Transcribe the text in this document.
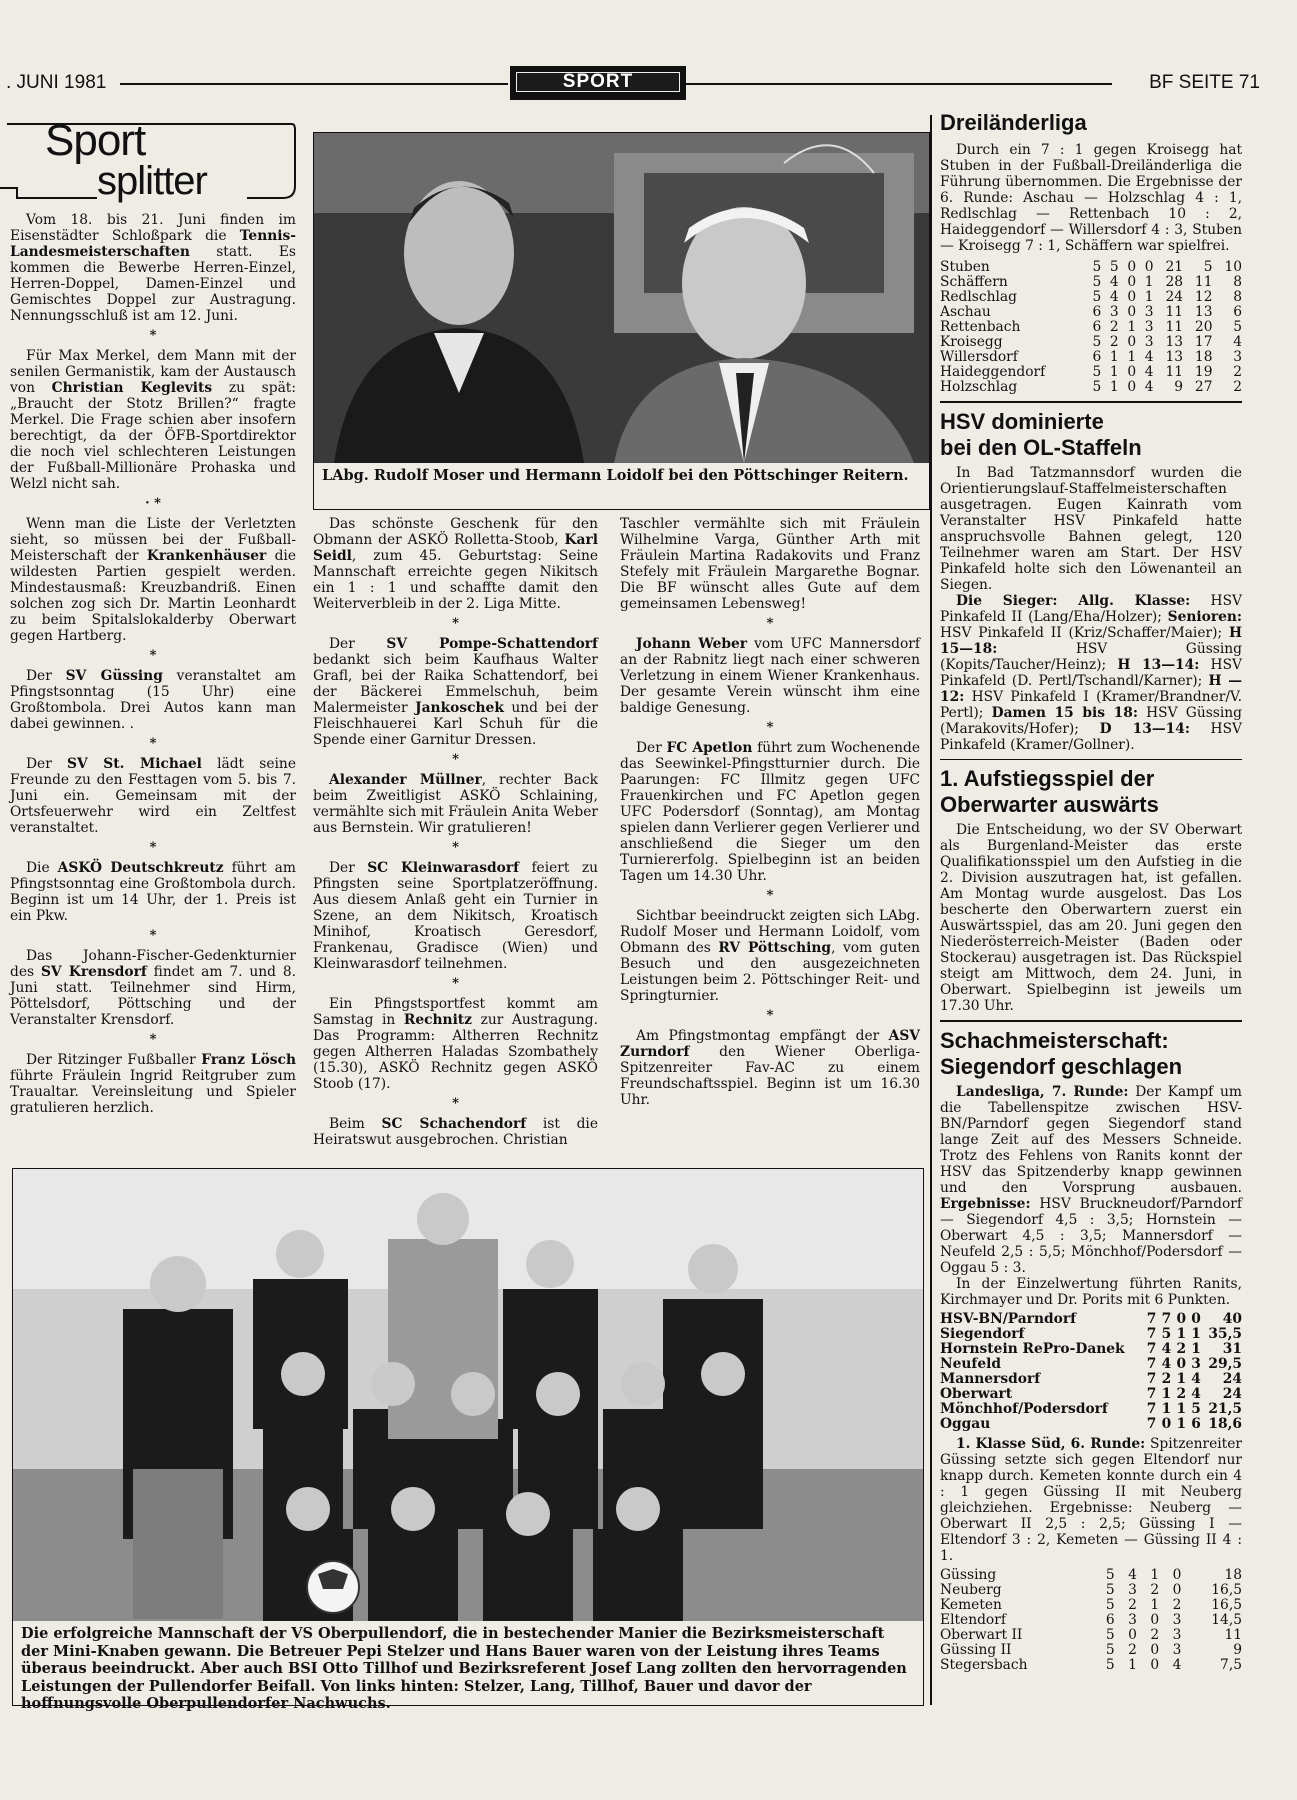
. JUNI 1981	SPORT	BF SEITE 71
Sport
splitter

Vom 18. bis 21. Juni finden im Eisenstädter Schloßpark die Tennis-Landesmeisterschaften statt. Es kommen die Bewerbe Herren-Einzel, Herren-Doppel, Damen-Einzel und Gemischtes Doppel zur Austragung. Nennungsschluß ist am 12. Juni.

*

Für Max Merkel, dem Mann mit der senilen Germanistik, kam der Austausch von Christian Keglevits zu spät: „Braucht der Stotz Brillen?“ fragte Merkel. Die Frage schien aber insofern berechtigt, da der ÖFB-Sportdirektor die noch viel schlechteren Leistungen der Fußball-Millionäre Prohaska und Welzl nicht sah.

· *

Wenn man die Liste der Verletzten sieht, so müssen bei der Fußball-Meisterschaft der Krankenhäuser die wildesten Partien gespielt werden. Mindestausmaß: Kreuzbandriß. Einen solchen zog sich Dr. Martin Leonhardt zu beim Spitalslokalderby Oberwart gegen Hartberg.

*

Der SV Güssing veranstaltet am Pfingstsonntag (15 Uhr) eine Großtombola. Drei Autos kann man dabei gewinnen. .

*

Der SV St. Michael lädt seine Freunde zu den Festtagen vom 5. bis 7. Juni ein. Gemeinsam mit der Ortsfeuerwehr wird ein Zeltfest veranstaltet.

*

Die ASKÖ Deutschkreutz führt am Pfingstsonntag eine Großtombola durch. Beginn ist um 14 Uhr, der 1. Preis ist ein Pkw.

*

Das Johann-Fischer-Gedenkturnier des SV Krensdorf findet am 7. und 8. Juni statt. Teilnehmer sind Hirm, Pöttelsdorf, Pöttsching und der Veranstalter Krensdorf.

*

Der Ritzinger Fußballer Franz Lösch führte Fräulein Ingrid Reitgruber zum Traualtar. Vereinsleitung und Spieler gratulieren herzlich.

LAbg. Rudolf Moser und Hermann Loidolf bei den Pöttschinger Reitern.

Das schönste Geschenk für den Obmann der ASKÖ Rolletta-Stoob, Karl Seidl, zum 45. Geburtstag: Seine Mannschaft erreichte gegen Nikitsch ein 1 : 1 und schaffte damit den Weiterverbleib in der 2. Liga Mitte.

*

Der SV Pompe-Schattendorf bedankt sich beim Kaufhaus Walter Grafl, bei der Raika Schattendorf, bei der Bäckerei Emmelschuh, beim Malermeister Jankoschek und bei der Fleischhauerei Karl Schuh für die Spende einer Garnitur Dressen.

*

Alexander Müllner, rechter Back beim Zweitligist ASKÖ Schlaining, vermählte sich mit Fräulein Anita Weber aus Bernstein. Wir gratulieren!

*

Der SC Kleinwarasdorf feiert zu Pfingsten seine Sportplatzeröffnung. Aus diesem Anlaß geht ein Turnier in Szene, an dem Nikitsch, Kroatisch Minihof, Kroatisch Geresdorf, Frankenau, Gradisce (Wien) und Kleinwarasdorf teilnehmen.

*

Ein Pfingstsportfest kommt am Samstag in Rechnitz zur Austragung. Das Programm: Altherren Rechnitz gegen Altherren Haladas Szombathely (15.30), ASKÖ Rechnitz gegen ASKÖ Stoob (17).

*

Beim SC Schachendorf ist die Heiratswut ausgebrochen. Christian

Taschler vermählte sich mit Fräulein Wilhelmine Varga, Günther Arth mit Fräulein Martina Radakovits und Franz Stefely mit Fräulein Margarethe Bognar. Die BF wünscht alles Gute auf dem gemeinsamen Lebensweg!

*

Johann Weber vom UFC Mannersdorf an der Rabnitz liegt nach einer schweren Verletzung in einem Wiener Krankenhaus. Der gesamte Verein wünscht ihm eine baldige Genesung.

*

Der FC Apetlon führt zum Wochenende das Seewinkel-Pfingstturnier durch. Die Paarungen: FC Illmitz gegen UFC Frauenkirchen und FC Apetlon gegen UFC Podersdorf (Sonntag), am Montag spielen dann Verlierer gegen Verlierer und anschließend die Sieger um den Turniererfolg. Spielbeginn ist an beiden Tagen um 14.30 Uhr.

*

Sichtbar beeindruckt zeigten sich LAbg. Rudolf Moser und Hermann Loidolf, vom Obmann des RV Pöttsching, vom guten Besuch und den ausgezeichneten Leistungen beim 2. Pöttschinger Reit- und Springturnier.

*

Am Pfingstmontag empfängt der ASV Zurndorf den Wiener Oberliga-Spitzenreiter Fav-AC zu einem Freundschaftsspiel. Beginn ist um 16.30 Uhr.

Die erfolgreiche Mannschaft der VS Oberpullendorf, die in bestechender Manier die Bezirksmeisterschaft der Mini-Knaben gewann. Die Betreuer Pepi Stelzer und Hans Bauer waren von der Leistung ihres Teams überaus beeindruckt. Aber auch BSI Otto Tillhof und Bezirksreferent Josef Lang zollten den hervorragenden Leistungen der Pullendorfer Beifall. Von links hinten: Stelzer, Lang, Tillhof, Bauer und davor der hoffnungsvolle Oberpullendorfer Nachwuchs.
Dreiländerliga

Durch ein 7 : 1 gegen Kroisegg hat Stuben in der Fußball-Dreiländerliga die Führung übernommen. Die Ergebnisse der 6. Runde: Aschau — Holzschlag 4 : 1, Redlschlag — Rettenbach 10 : 2, Haideggendorf — Willersdorf 4 : 3, Stuben — Kroisegg 7 : 1, Schäffern war spielfrei.

Stuben	5	5	0	0	21	5	10
Schäffern	5	4	0	1	28	11	8
Redlschlag	5	4	0	1	24	12	8
Aschau	6	3	0	3	11	13	6
Rettenbach	6	2	1	3	11	20	5
Kroisegg	5	2	0	3	13	17	4
Willersdorf	6	1	1	4	13	18	3
Haideggendorf	5	1	0	4	11	19	2
Holzschlag	5	1	0	4	9	27	2
HSV dominierte
bei den OL-Staffeln

In Bad Tatzmannsdorf wurden die Orientierungslauf-Staffelmeisterschaften ausgetragen. Eugen Kainrath vom Veranstalter HSV Pinkafeld hatte anspruchsvolle Bahnen gelegt, 120 Teilnehmer waren am Start. Der HSV Pinkafeld holte sich den Löwenanteil an Siegen.

Die Sieger: Allg. Klasse: HSV Pinkafeld II (Lang/Eha/Holzer); Senioren: HSV Pinkafeld II (Kriz/Schaffer/Maier); H 15—18: HSV Güssing (Kopits/Taucher/Heinz); H 13—14: HSV Pinkafeld (D. Pertl/Tschandl/Karner); H — 12: HSV Pinkafeld I (Kramer/Brandner/V. Pertl); Damen 15 bis 18: HSV Güssing (Marakovits/Hofer); D 13—14: HSV Pinkafeld (Kramer/Gollner).

1. Aufstiegsspiel der
Oberwarter auswärts

Die Entscheidung, wo der SV Oberwart als Burgenland-Meister das erste Qualifikationsspiel um den Aufstieg in die 2. Division auszutragen hat, ist gefallen. Am Montag wurde ausgelost. Das Los bescherte den Oberwartern zuerst ein Auswärtsspiel, das am 20. Juni gegen den Niederösterreich-Meister (Baden oder Stockerau) ausgetragen ist. Das Rückspiel steigt am Mittwoch, dem 24. Juni, in Oberwart. Spielbeginn ist jeweils um 17.30 Uhr.

Schachmeisterschaft:
Siegendorf geschlagen

Landesliga, 7. Runde: Der Kampf um die Tabellenspitze zwischen HSV-BN/Parndorf gegen Siegendorf stand lange Zeit auf des Messers Schneide. Trotz des Fehlens von Ranits konnt der HSV das Spitzenderby knapp gewinnen und den Vorsprung ausbauen. Ergebnisse: HSV Bruckneudorf/Parndorf — Siegendorf 4,5 : 3,5; Hornstein — Oberwart 4,5 : 3,5; Mannersdorf — Neufeld 2,5 : 5,5; Mönchhof/Podersdorf — Oggau 5 : 3.

In der Einzelwertung führten Ranits, Kirchmayer und Dr. Porits mit 6 Punkten.

HSV-BN/Parndorf	7	7	0	0	40
Siegendorf	7	5	1	1	35,5
Hornstein RePro-Danek	7	4	2	1	31
Neufeld	7	4	0	3	29,5
Mannersdorf	7	2	1	4	24
Oberwart	7	1	2	4	24
Mönchhof/Podersdorf	7	1	1	5	21,5
Oggau	7	0	1	6	18,6

1. Klasse Süd, 6. Runde: Spitzenreiter Güssing setzte sich gegen Eltendorf nur knapp durch. Kemeten konnte durch ein 4 : 1 gegen Güssing II mit Neuberg gleichziehen. Ergebnisse: Neuberg — Oberwart II 2,5 : 2,5; Güssing I — Eltendorf 3 : 2, Kemeten — Güssing II 4 : 1.

Güssing	5	4	1	0	18
Neuberg	5	3	2	0	16,5
Kemeten	5	2	1	2	16,5
Eltendorf	6	3	0	3	14,5
Oberwart II	5	0	2	3	11
Güssing II	5	2	0	3	9
Stegersbach	5	1	0	4	7,5
